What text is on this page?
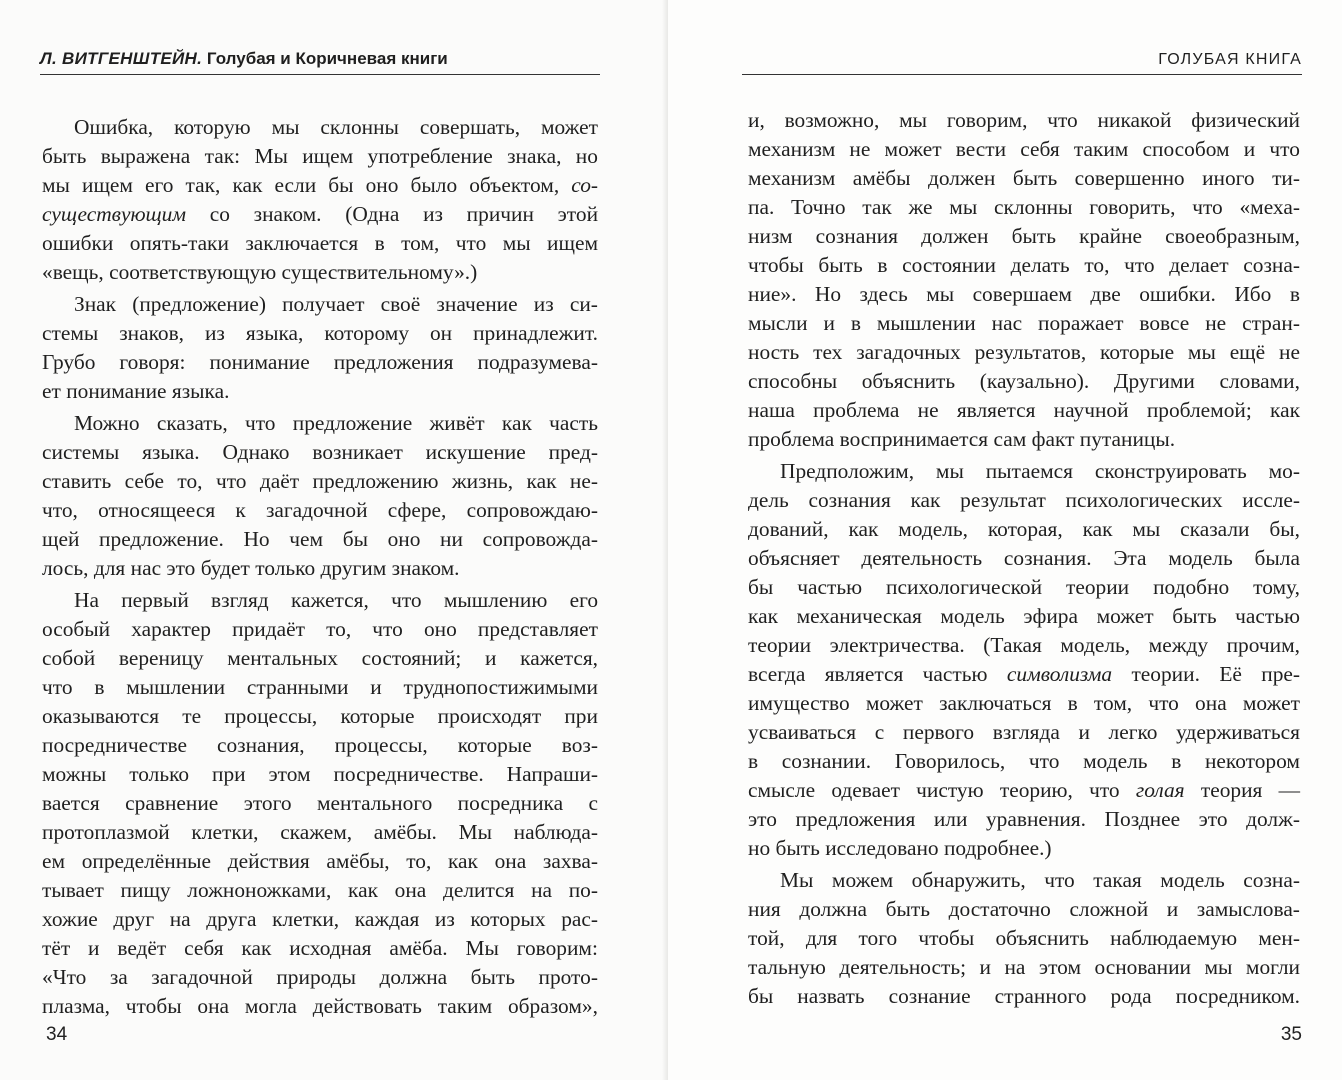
Л. ВИТГЕНШТЕЙН. Голубая и Коричневая книги
Ошибка, которую мы склонны совершать, может
быть выражена так: Мы ищем употребление знака, но
мы ищем его так, как если бы оно было объектом, со-
существующим со знаком. (Одна из причин этой
ошибки опять-таки заключается в том, что мы ищем
«вещь, соответствующую существительному».)
Знак (предложение) получает своё значение из си-
стемы знаков, из языка, которому он принадлежит.
Грубо говоря: понимание предложения подразумева-
ет понимание языка.
Можно сказать, что предложение живёт как часть
системы языка. Однако возникает искушение пред-
ставить себе то, что даёт предложению жизнь, как не-
что, относящееся к загадочной сфере, сопровождаю-
щей предложение. Но чем бы оно ни сопровожда-
лось, для нас это будет только другим знаком.
На первый взгляд кажется, что мышлению его
особый характер придаёт то, что оно представляет
собой вереницу ментальных состояний; и кажется,
что в мышлении странными и труднопостижимыми
оказываются те процессы, которые происходят при
посредничестве сознания, процессы, которые воз-
можны только при этом посредничестве. Напраши-
вается сравнение этого ментального посредника с
протоплазмой клетки, скажем, амёбы. Мы наблюда-
ем определённые действия амёбы, то, как она захва-
тывает пищу ложноножками, как она делится на по-
хожие друг на друга клетки, каждая из которых рас-
тёт и ведёт себя как исходная амёба. Мы говорим:
«Что за загадочной природы должна быть прото-
плазма, чтобы она могла действовать таким образом»,
34
ГОЛУБАЯ КНИГА
и, возможно, мы говорим, что никакой физический
механизм не может вести себя таким способом и что
механизм амёбы должен быть совершенно иного ти-
па. Точно так же мы склонны говорить, что «меха-
низм сознания должен быть крайне своеобразным,
чтобы быть в состоянии делать то, что делает созна-
ние». Но здесь мы совершаем две ошибки. Ибо в
мысли и в мышлении нас поражает вовсе не стран-
ность тех загадочных результатов, которые мы ещё не
способны объяснить (каузально). Другими словами,
наша проблема не является научной проблемой; как
проблема воспринимается сам факт путаницы.
Предположим, мы пытаемся сконструировать мо-
дель сознания как результат психологических иссле-
дований, как модель, которая, как мы сказали бы,
объясняет деятельность сознания. Эта модель была
бы частью психологической теории подобно тому,
как механическая модель эфира может быть частью
теории электричества. (Такая модель, между прочим,
всегда является частью символизма теории. Её пре-
имущество может заключаться в том, что она может
усваиваться с первого взгляда и легко удерживаться
в сознании. Говорилось, что модель в некотором
смысле одевает чистую теорию, что голая теория —
это предложения или уравнения. Позднее это долж-
но быть исследовано подробнее.)
Мы можем обнаружить, что такая модель созна-
ния должна быть достаточно сложной и замыслова-
той, для того чтобы объяснить наблюдаемую мен-
тальную деятельность; и на этом основании мы могли
бы назвать сознание странного рода посредником.
35
